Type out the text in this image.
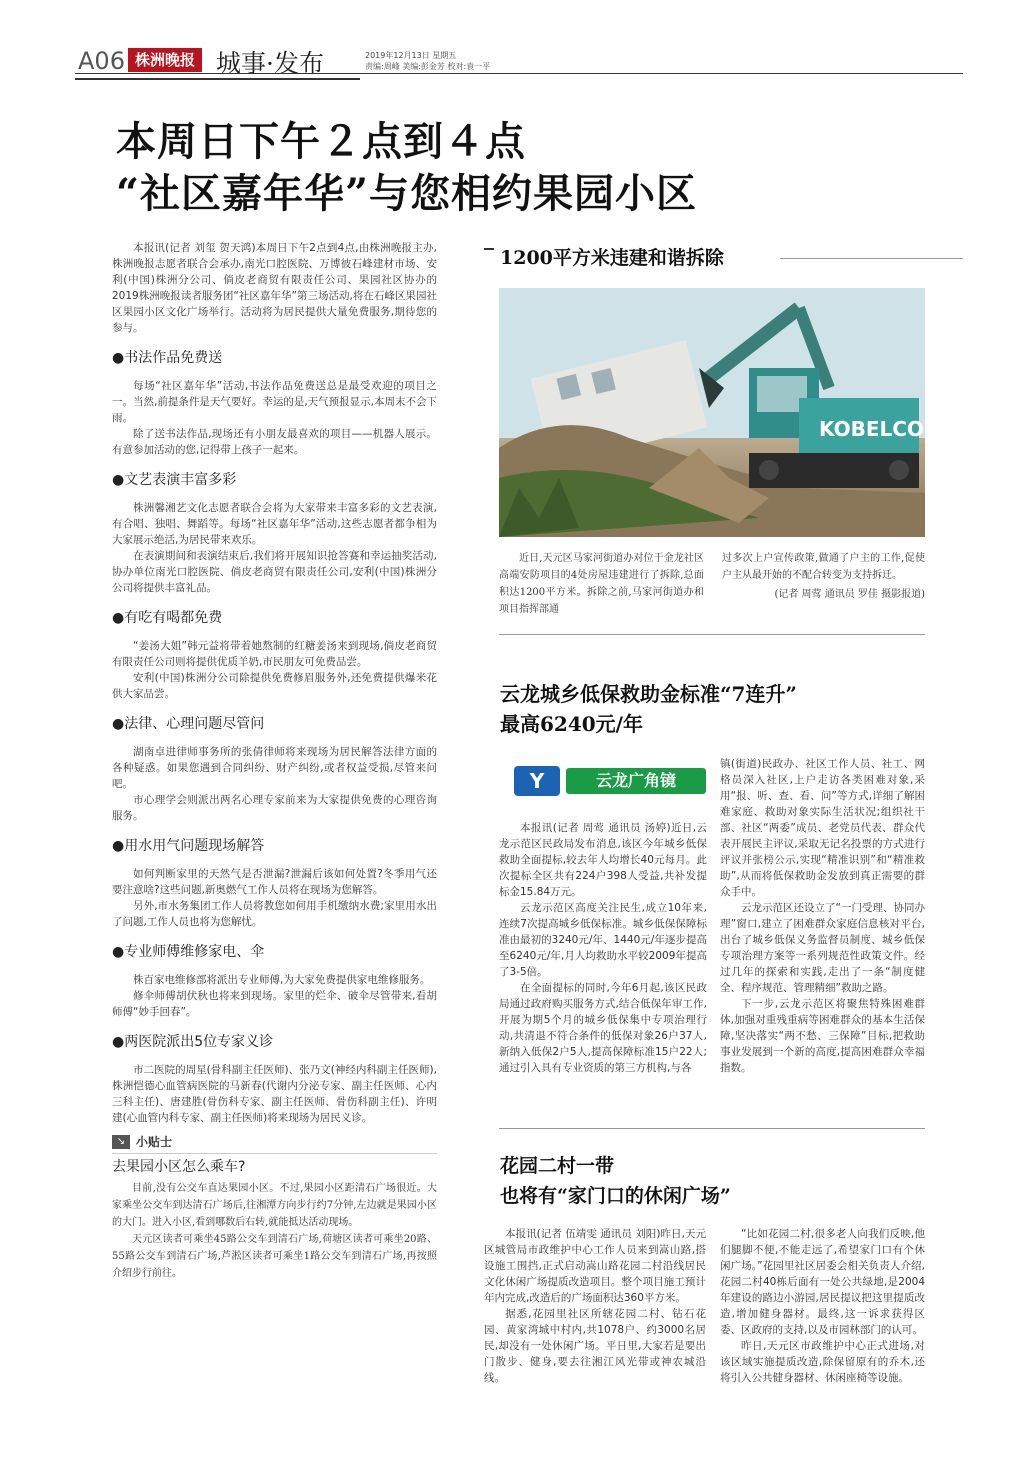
A06 株洲晚报 城事·发布	2019年12月13日 星期五
责编:周峰 美编:彭金芳 校对:袁一平
本周日下午２点到４点
“社区嘉年华”与您相约果园小区

本报讯(记者 刘玺 贺天鸿)本周日下午2点到4点,由株洲晚报主办,株洲晚报志愿者联合会承办,南光口腔医院、万博彼石峰建材市场、安利(中国)株洲分公司、倘皮老商贸有限责任公司、果园社区协办的2019株洲晚报读者服务团“社区嘉年华”第三场活动,将在石峰区果园社区果园小区文化广场举行。活动将为居民提供大量免费服务,期待您的参与。

●书法作品免费送

每场“社区嘉年华”活动,书法作品免费送总是最受欢迎的项目之一。当然,前提条件是天气要好。幸运的是,天气预报显示,本周末不会下雨。

除了送书法作品,现场还有小朋友最喜欢的项目——机器人展示。有意参加活动的您,记得带上孩子一起来。

●文艺表演丰富多彩

株洲馨湘艺文化志愿者联合会将为大家带来丰富多彩的文艺表演,有合唱、独唱、舞蹈等。每场“社区嘉年华”活动,这些志愿者都争相为大家展示绝活,为居民带来欢乐。

在表演期间和表演结束后,我们将开展知识抢答赛和幸运抽奖活动,协办单位南光口腔医院、倘皮老商贸有限责任公司,安利(中国)株洲分公司将提供丰富礼品。

●有吃有喝都免费

“姜汤大姐”韩元益将带着她熬制的红糖姜汤来到现场,倘皮老商贸有限责任公司则将提供优质羊奶,市民朋友可免费品尝。

安利(中国)株洲分公司除提供免费修眉服务外,还免费提供爆米花供大家品尝。

●法律、心理问题尽管问

湖南卓进律师事务所的张倩律师将来现场为居民解答法律方面的各种疑惑。如果您遇到合同纠纷、财产纠纷,或者权益受损,尽管来问吧。

市心理学会则派出两名心理专家前来为大家提供免费的心理咨询服务。

●用水用气问题现场解答

如何判断家里的天然气是否泄漏?泄漏后该如何处置?冬季用气还要注意啥?这些问题,新奥燃气工作人员将在现场为您解答。

另外,市水务集团工作人员将教您如何用手机缴纳水费;家里用水出了问题,工作人员也将为您解忧。

●专业师傅维修家电、伞

株百家电维修部将派出专业师傅,为大家免费提供家电维修服务。

修伞师傅胡伏秋也将来到现场。家里的烂伞、破伞尽管带来,看胡师傅“妙手回春”。

●两医院派出5位专家义诊

市二医院的周星(骨科副主任医师)、张乃文(神经内科副主任医师),株洲恺德心血管病医院的马新春(代谢内分泌专家、副主任医师、心内三科主任)、唐建胜(骨伤科专家、副主任医师、骨伤科副主任)、许明建(心血管内科专家、副主任医师)将来现场为居民义诊。

↘ 小贴士
去果园小区怎么乘车?

目前,没有公交车直达果园小区。不过,果园小区距清石广场很近。大家乘坐公交车到达清石广场后,往湘潭方向步行约7分钟,左边就是果园小区的大门。进入小区,看到哪数后右转,就能抵达活动现场。

天元区读者可乘坐45路公交车到清石广场,荷塘区读者可乘坐20路、55路公交车到清石广场,芦淞区读者可乘坐1路公交车到清石广场,再按照介绍步行前往。

1200平方米违建和谐拆除
KOBELCO

近日,天元区马家河街道办对位于金龙社区高端安防项目的4处房屋违建进行了拆除,总面积达1200平方米。拆除之前,马家河街道办和项目指挥部通

过多次上户宣传政策,做通了户主的工作,促使户主从最开始的不配合转变为支持拆迁。

(记者 周莺 通讯员 罗佳 摄影报道)

云龙城乡低保救助金标准“7连升”
最高6240元/年
Y	云龙广角镜

本报讯(记者 周莺 通讯员 汤婷)近日,云龙示范区民政局发布消息,该区今年城乡低保救助全面提标,较去年人均增长40元每月。此次提标全区共有224户398人受益,共补发提标金15.84万元。

云龙示范区高度关注民生,成立10年来,连续7次提高城乡低保标准。城乡低保保障标准由最初的3240元/年、1440元/年逐步提高至6240元/年,月人均救助水平较2009年提高了3-5倍。

在全面提标的同时,今年6月起,该区民政局通过政府购买服务方式,结合低保年审工作,开展为期5个月的城乡低保集中专项治理行动,共清退不符合条件的低保对象26户37人,新纳入低保2户5人,提高保障标准15户22人;通过引入具有专业资质的第三方机构,与各

镇(街道)民政办、社区工作人员、社工、网格员深入社区,上户走访各类困难对象,采用“报、听、查、看、问”等方式,详细了解困难家庭、救助对象实际生活状况;组织社干部、社区“两委”成员、老党员代表、群众代表开展民主评议,采取无记名投票的方式进行评议并张榜公示,实现“精准识别”和“精准救助”,从而将低保救助金发放到真正需要的群众手中。

云龙示范区还设立了“一门受理、协同办理”窗口,建立了困难群众家庭信息核对平台,出台了城乡低保义务监督员制度、城乡低保专项治理方案等一系列规范性政策文件。经过几年的探索和实践,走出了一条“制度健全、程序规范、管理精细”救助之路。

下一步,云龙示范区将聚焦特殊困难群体,加强对重残重病等困难群众的基本生活保障,坚决落实“两不愁、三保障”目标,把救助事业发展到一个新的高度,提高困难群众幸福指数。

花园二村一带
也将有“家门口的休闲广场”

本报讯(记者 伍靖雯 通讯员 刘阳)昨日,天元区城管局市政维护中心工作人员来到嵩山路,搭设施工围挡,正式启动嵩山路花园二村沿线居民文化休闲广场提质改造项目。整个项目施工预计年内完成,改造后的广场面积达360平方米。

据悉,花园里社区所辖花园二村、钻石花园、黄家湾城中村内,共1078户、约3000名居民,却没有一处休闲广场。平日里,大家若是要出门散步、健身,要去往湘江风光带或神农城沿线。

“比如花园二村,很多老人向我们反映,他们腿脚不便,不能走远了,希望家门口有个休闲广场。”花园里社区居委会相关负责人介绍,花园二村40栋后面有一处公共绿地,是2004年建设的路边小游园,居民提议把这里提质改造,增加健身器材。最终,这一诉求获得区委、区政府的支持,以及市园林部门的认可。

昨日,天元区市政维护中心正式进场,对该区域实施提质改造,除保留原有的乔木,还将引入公共健身器材、休闲座椅等设施。
